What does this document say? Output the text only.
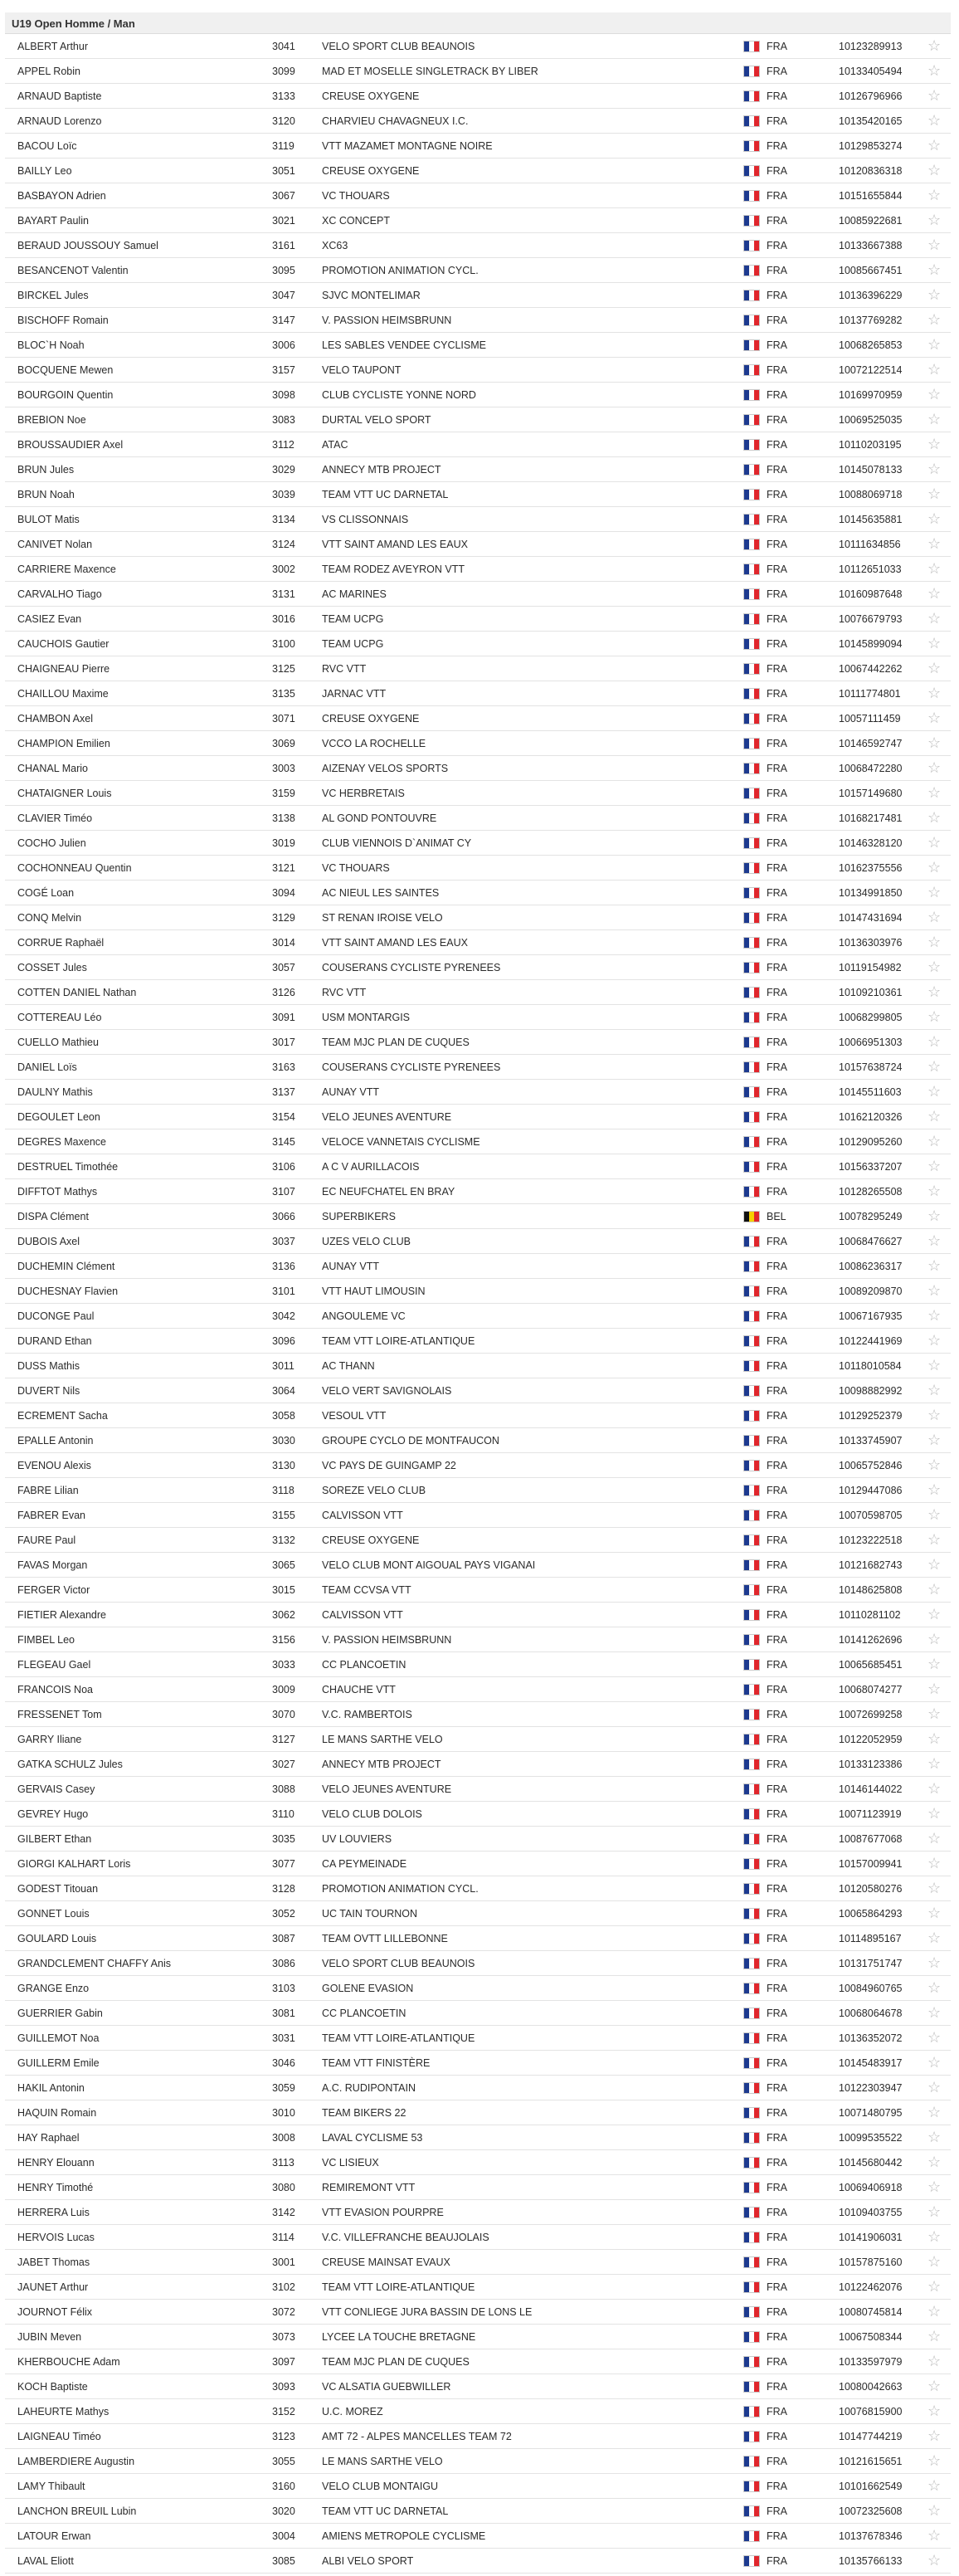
U19 Open Homme / Man
ALBERT Arthur	3041	VELO SPORT CLUB BEAUNOIS	FRA	10123289913 ☆
APPEL Robin	3099	MAD ET MOSELLE SINGLETRACK BY LIBER	FRA	10133405494 ☆
ARNAUD Baptiste	3133	CREUSE OXYGENE	FRA	10126796966 ☆
ARNAUD Lorenzo	3120	CHARVIEU CHAVAGNEUX I.C.	FRA	10135420165 ☆
BACOU Loïc	3119	VTT MAZAMET MONTAGNE NOIRE	FRA	10129853274 ☆
BAILLY Leo	3051	CREUSE OXYGENE	FRA	10120836318 ☆
BASBAYON Adrien	3067	VC THOUARS	FRA	10151655844 ☆
BAYART Paulin	3021	XC CONCEPT	FRA	10085922681 ☆
BERAUD JOUSSOUY Samuel	3161	XC63	FRA	10133667388 ☆
BESANCENOT Valentin	3095	PROMOTION ANIMATION CYCL.	FRA	10085667451 ☆
BIRCKEL Jules	3047	SJVC MONTELIMAR	FRA	10136396229 ☆
BISCHOFF Romain	3147	V. PASSION HEIMSBRUNN	FRA	10137769282 ☆
BLOC`H Noah	3006	LES SABLES VENDEE CYCLISME	FRA	10068265853 ☆
BOCQUENE Mewen	3157	VELO TAUPONT	FRA	10072122514 ☆
BOURGOIN Quentin	3098	CLUB CYCLISTE YONNE NORD	FRA	10169970959 ☆
BREBION Noe	3083	DURTAL VELO SPORT	FRA	10069525035 ☆
BROUSSAUDIER Axel	3112	ATAC	FRA	10110203195 ☆
BRUN Jules	3029	ANNECY MTB PROJECT	FRA	10145078133 ☆
BRUN Noah	3039	TEAM VTT UC DARNETAL	FRA	10088069718 ☆
BULOT Matis	3134	VS CLISSONNAIS	FRA	10145635881 ☆
CANIVET Nolan	3124	VTT SAINT AMAND LES EAUX	FRA	10111634856 ☆
CARRIERE Maxence	3002	TEAM RODEZ AVEYRON VTT	FRA	10112651033 ☆
CARVALHO Tiago	3131	AC MARINES	FRA	10160987648 ☆
CASIEZ Evan	3016	TEAM UCPG	FRA	10076679793 ☆
CAUCHOIS Gautier	3100	TEAM UCPG	FRA	10145899094 ☆
CHAIGNEAU Pierre	3125	RVC VTT	FRA	10067442262 ☆
CHAILLOU Maxime	3135	JARNAC VTT	FRA	10111774801 ☆
CHAMBON Axel	3071	CREUSE OXYGENE	FRA	10057111459 ☆
CHAMPION Emilien	3069	VCCO LA ROCHELLE	FRA	10146592747 ☆
CHANAL Mario	3003	AIZENAY VELOS SPORTS	FRA	10068472280 ☆
CHATAIGNER Louis	3159	VC HERBRETAIS	FRA	10157149680 ☆
CLAVIER Timéo	3138	AL GOND PONTOUVRE	FRA	10168217481 ☆
COCHO Julien	3019	CLUB VIENNOIS D`ANIMAT CY	FRA	10146328120 ☆
COCHONNEAU Quentin	3121	VC THOUARS	FRA	10162375556 ☆
COGÉ Loan	3094	AC NIEUL LES SAINTES	FRA	10134991850 ☆
CONQ Melvin	3129	ST RENAN IROISE VELO	FRA	10147431694 ☆
CORRUE Raphaël	3014	VTT SAINT AMAND LES EAUX	FRA	10136303976 ☆
COSSET Jules	3057	COUSERANS CYCLISTE PYRENEES	FRA	10119154982 ☆
COTTEN DANIEL Nathan	3126	RVC VTT	FRA	10109210361 ☆
COTTEREAU Léo	3091	USM MONTARGIS	FRA	10068299805 ☆
CUELLO Mathieu	3017	TEAM MJC PLAN DE CUQUES	FRA	10066951303 ☆
DANIEL Loïs	3163	COUSERANS CYCLISTE PYRENEES	FRA	10157638724 ☆
DAULNY Mathis	3137	AUNAY VTT	FRA	10145511603 ☆
DEGOULET Leon	3154	VELO JEUNES AVENTURE	FRA	10162120326 ☆
DEGRES Maxence	3145	VELOCE VANNETAIS CYCLISME	FRA	10129095260 ☆
DESTRUEL Timothée	3106	A C V AURILLACOIS	FRA	10156337207 ☆
DIFFTOT Mathys	3107	EC NEUFCHATEL EN BRAY	FRA	10128265508 ☆
DISPA Clément	3066	SUPERBIKERS	BEL	10078295249 ☆
DUBOIS Axel	3037	UZES VELO CLUB	FRA	10068476627 ☆
DUCHEMIN Clément	3136	AUNAY VTT	FRA	10086236317 ☆
DUCHESNAY Flavien	3101	VTT HAUT LIMOUSIN	FRA	10089209870 ☆
DUCONGE Paul	3042	ANGOULEME VC	FRA	10067167935 ☆
DURAND Ethan	3096	TEAM VTT LOIRE-ATLANTIQUE	FRA	10122441969 ☆
DUSS Mathis	3011	AC THANN	FRA	10118010584 ☆
DUVERT Nils	3064	VELO VERT SAVIGNOLAIS	FRA	10098882992 ☆
ECREMENT Sacha	3058	VESOUL VTT	FRA	10129252379 ☆
EPALLE Antonin	3030	GROUPE CYCLO DE MONTFAUCON	FRA	10133745907 ☆
EVENOU Alexis	3130	VC PAYS DE GUINGAMP 22	FRA	10065752846 ☆
FABRE Lilian	3118	SOREZE VELO CLUB	FRA	10129447086 ☆
FABRER Evan	3155	CALVISSON VTT	FRA	10070598705 ☆
FAURE Paul	3132	CREUSE OXYGENE	FRA	10123222518 ☆
FAVAS Morgan	3065	VELO CLUB MONT AIGOUAL PAYS VIGANAI	FRA	10121682743 ☆
FERGER Victor	3015	TEAM CCVSA VTT	FRA	10148625808 ☆
FIETIER Alexandre	3062	CALVISSON VTT	FRA	10110281102 ☆
FIMBEL Leo	3156	V. PASSION HEIMSBRUNN	FRA	10141262696 ☆
FLEGEAU Gael	3033	CC PLANCOETIN	FRA	10065685451 ☆
FRANCOIS Noa	3009	CHAUCHE VTT	FRA	10068074277 ☆
FRESSENET Tom	3070	V.C. RAMBERTOIS	FRA	10072699258 ☆
GARRY Iliane	3127	LE MANS SARTHE VELO	FRA	10122052959 ☆
GATKA SCHULZ Jules	3027	ANNECY MTB PROJECT	FRA	10133123386 ☆
GERVAIS Casey	3088	VELO JEUNES AVENTURE	FRA	10146144022 ☆
GEVREY Hugo	3110	VELO CLUB DOLOIS	FRA	10071123919 ☆
GILBERT Ethan	3035	UV LOUVIERS	FRA	10087677068 ☆
GIORGI KALHART Loris	3077	CA PEYMEINADE	FRA	10157009941 ☆
GODEST Titouan	3128	PROMOTION ANIMATION CYCL.	FRA	10120580276 ☆
GONNET Louis	3052	UC TAIN TOURNON	FRA	10065864293 ☆
GOULARD Louis	3087	TEAM OVTT LILLEBONNE	FRA	10114895167 ☆
GRANDCLEMENT CHAFFY Anis	3086	VELO SPORT CLUB BEAUNOIS	FRA	10131751747 ☆
GRANGE Enzo	3103	GOLENE EVASION	FRA	10084960765 ☆
GUERRIER Gabin	3081	CC PLANCOETIN	FRA	10068064678 ☆
GUILLEMOT Noa	3031	TEAM VTT LOIRE-ATLANTIQUE	FRA	10136352072 ☆
GUILLERM Emile	3046	TEAM VTT FINISTÈRE	FRA	10145483917 ☆
HAKIL Antonin	3059	A.C. RUDIPONTAIN	FRA	10122303947 ☆
HAQUIN Romain	3010	TEAM BIKERS 22	FRA	10071480795 ☆
HAY Raphael	3008	LAVAL CYCLISME 53	FRA	10099535522 ☆
HENRY Elouann	3113	VC LISIEUX	FRA	10145680442 ☆
HENRY Timothé	3080	REMIREMONT VTT	FRA	10069406918 ☆
HERRERA Luis	3142	VTT EVASION POURPRE	FRA	10109403755 ☆
HERVOIS Lucas	3114	V.C. VILLEFRANCHE BEAUJOLAIS	FRA	10141906031 ☆
JABET Thomas	3001	CREUSE MAINSAT EVAUX	FRA	10157875160 ☆
JAUNET Arthur	3102	TEAM VTT LOIRE-ATLANTIQUE	FRA	10122462076 ☆
JOURNOT Félix	3072	VTT CONLIEGE JURA BASSIN DE LONS LE	FRA	10080745814 ☆
JUBIN Meven	3073	LYCEE LA TOUCHE BRETAGNE	FRA	10067508344 ☆
KHERBOUCHE Adam	3097	TEAM MJC PLAN DE CUQUES	FRA	10133597979 ☆
KOCH Baptiste	3093	VC ALSATIA GUEBWILLER	FRA	10080042663 ☆
LAHEURTE Mathys	3152	U.C. MOREZ	FRA	10076815900 ☆
LAIGNEAU Timéo	3123	AMT 72 - ALPES MANCELLES TEAM 72	FRA	10147744219 ☆
LAMBERDIERE Augustin	3055	LE MANS SARTHE VELO	FRA	10121615651 ☆
LAMY Thibault	3160	VELO CLUB MONTAIGU	FRA	10101662549 ☆
LANCHON BREUIL Lubin	3020	TEAM VTT UC DARNETAL	FRA	10072325608 ☆
LATOUR Erwan	3004	AMIENS METROPOLE CYCLISME	FRA	10137678346 ☆
LAVAL Eliott	3085	ALBI VELO SPORT	FRA	10135766133 ☆
